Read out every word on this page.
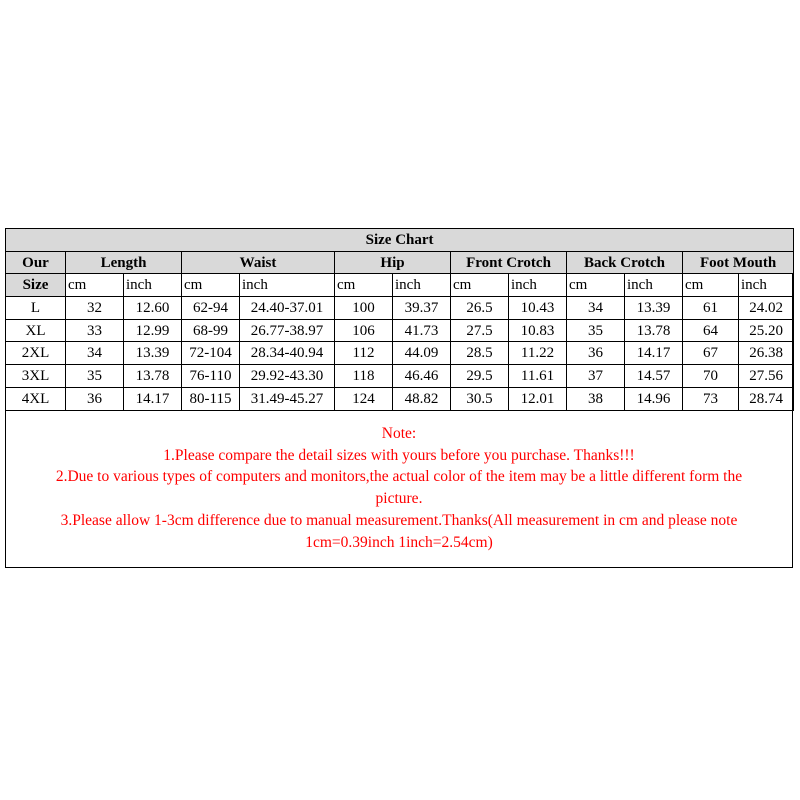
Size Chart												
Our	Length		Waist		Hip		Front Crotch		Back Crotch		Foot Mouth	
Size	cm	inch	cm	inch	cm	inch	cm	inch	cm	inch	cm	inch
L	32	12.60	62-94	24.40-37.01	100	39.37	26.5	10.43	34	13.39	61	24.02
XL	33	12.99	68-99	26.77-38.97	106	41.73	27.5	10.83	35	13.78	64	25.20
2XL	34	13.39	72-104	28.34-40.94	112	44.09	28.5	11.22	36	14.17	67	26.38
3XL	35	13.78	76-110	29.92-43.30	118	46.46	29.5	11.61	37	14.57	70	27.56
4XL	36	14.17	80-115	31.49-45.27	124	48.82	30.5	12.01	38	14.96	73	28.74
Note:
1.Please compare the detail sizes with yours before you purchase. Thanks!!!
2.Due to various types of computers and monitors,the actual color of the item may be a little different form the
picture.
3.Please allow 1-3cm difference due to manual measurement.Thanks(All measurement in cm and please note
1cm=0.39inch 1inch=2.54cm)
